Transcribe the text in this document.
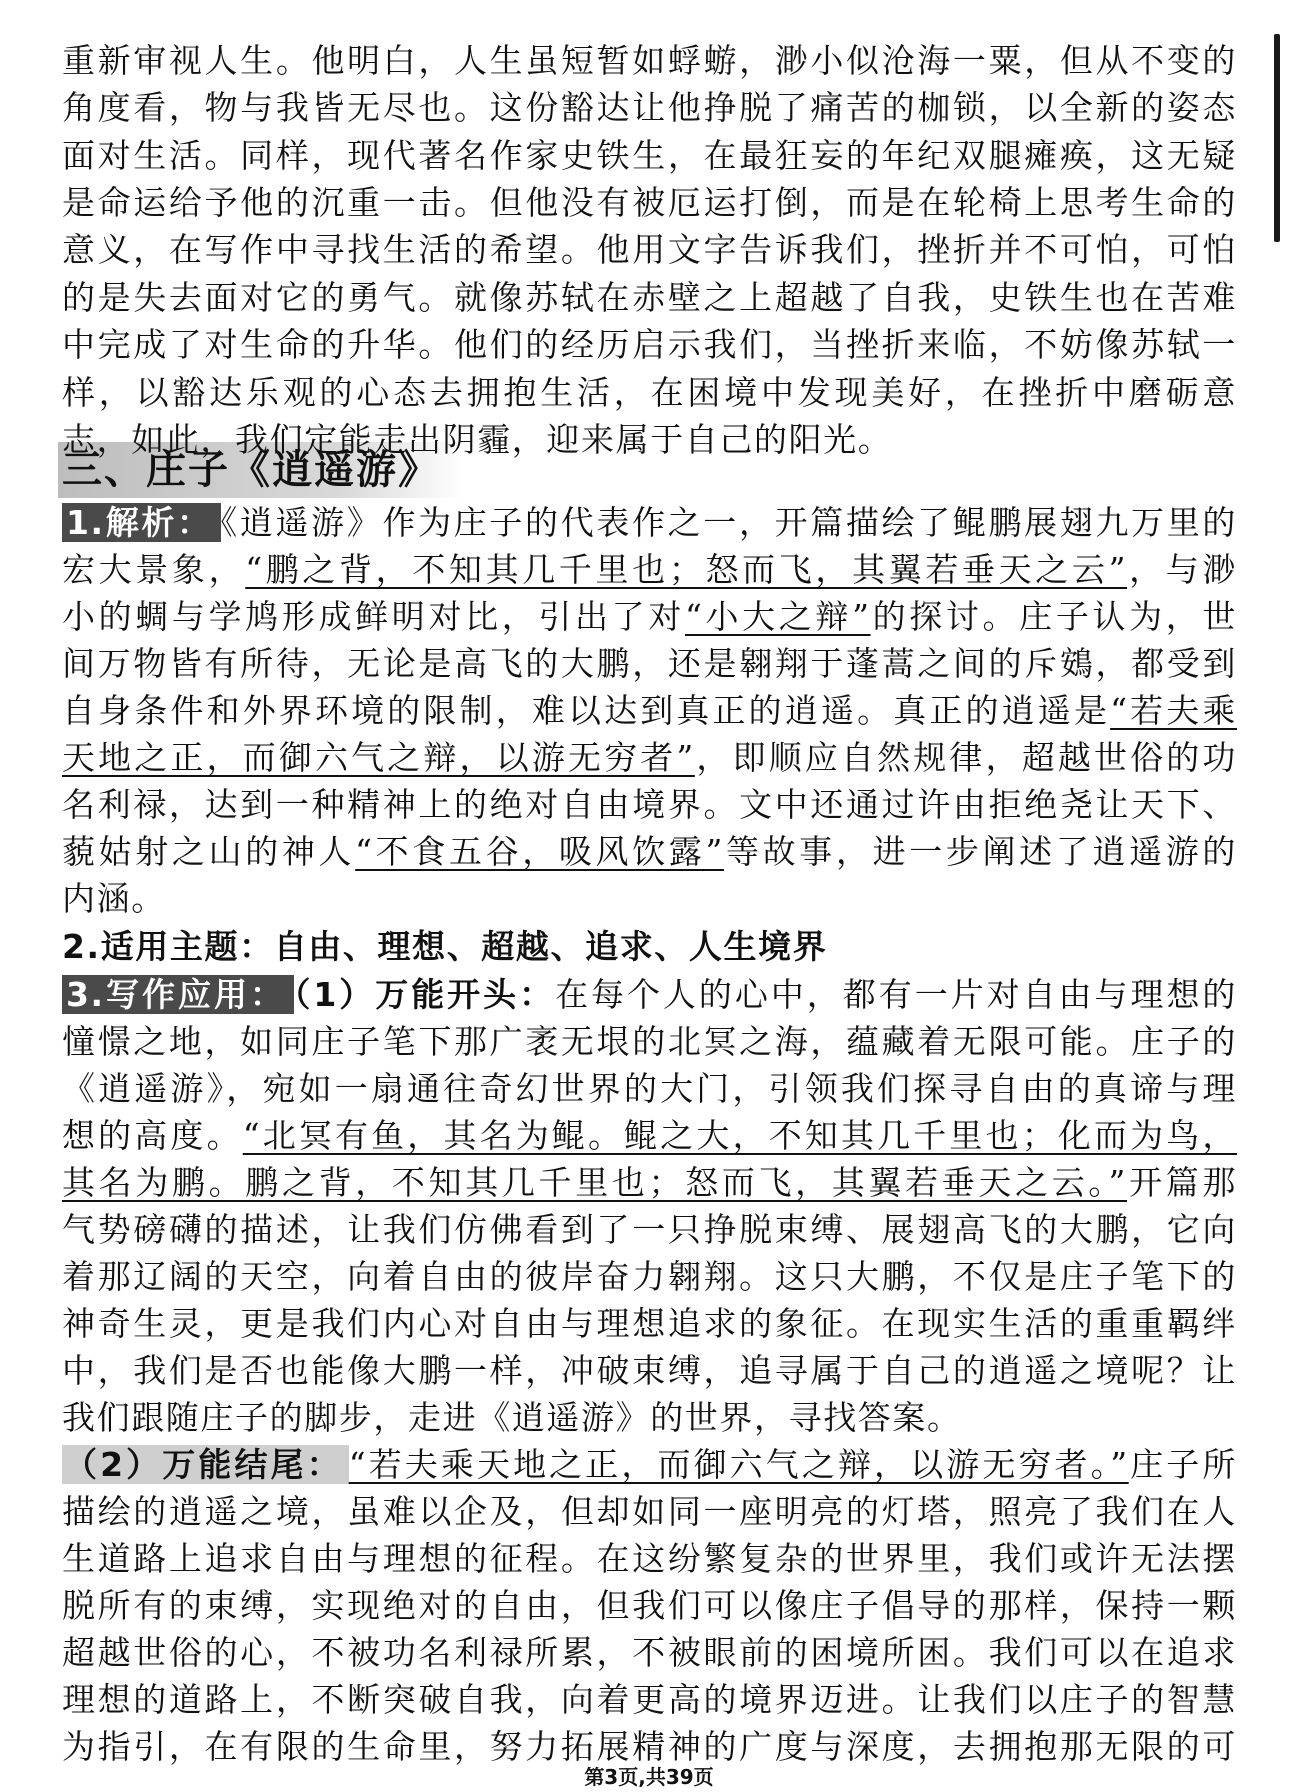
重新审视人生。他明白，人生虽短暂如蜉蝣，渺小似沧海一粟，但从不变的
角度看，物与我皆无尽也。这份豁达让他挣脱了痛苦的枷锁，以全新的姿态
面对生活。同样，现代著名作家史铁生，在最狂妄的年纪双腿瘫痪，这无疑
是命运给予他的沉重一击。但他没有被厄运打倒，而是在轮椅上思考生命的
意义，在写作中寻找生活的希望。他用文字告诉我们，挫折并不可怕，可怕
的是失去面对它的勇气。就像苏轼在赤壁之上超越了自我，史铁生也在苦难
中完成了对生命的升华。他们的经历启示我们，当挫折来临，不妨像苏轼一
样，以豁达乐观的心态去拥抱生活，在困境中发现美好，在挫折中磨砺意
三、庄子《逍遥游》
1.解析： 《逍遥游》作为庄子的代表作之一，开篇描绘了鲲鹏展翅九万里的
宏大景象，“鹏之背，不知其几千里也；怒而飞，其翼若垂天之云”，与渺
小的蜩与学鸠形成鲜明对比，引出了对“小大之辩”的探讨。庄子认为，世
间万物皆有所待，无论是高飞的大鹏，还是翱翔于蓬蒿之间的斥鴳，都受到
自身条件和外界环境的限制，难以达到真正的逍遥。真正的逍遥是“若夫乘
天地之正，而御六气之辩，以游无穷者”，即顺应自然规律，超越世俗的功
名利禄，达到一种精神上的绝对自由境界。文中还通过许由拒绝尧让天下、
藐姑射之山的神人“不食五谷，吸风饮露”等故事，进一步阐述了逍遥游的
内涵。
2.适用主题：自由、理想、超越、追求、人生境界
3.写作应用： （1）万能开头：在每个人的心中，都有一片对自由与理想的
憧憬之地，如同庄子笔下那广袤无垠的北冥之海，蕴藏着无限可能。庄子的
《逍遥游》，宛如一扇通往奇幻世界的大门，引领我们探寻自由的真谛与理
想的高度。“北冥有鱼，其名为鲲。鲲之大，不知其几千里也；化而为鸟，
其名为鹏。鹏之背，不知其几千里也；怒而飞，其翼若垂天之云。”开篇那
气势磅礴的描述，让我们仿佛看到了一只挣脱束缚、展翅高飞的大鹏，它向
着那辽阔的天空，向着自由的彼岸奋力翱翔。这只大鹏，不仅是庄子笔下的
神奇生灵，更是我们内心对自由与理想追求的象征。在现实生活的重重羁绊
中，我们是否也能像大鹏一样，冲破束缚，追寻属于自己的逍遥之境呢？让
我们跟随庄子的脚步，走进《逍遥游》的世界，寻找答案。
（2）万能结尾： “若夫乘天地之正，而御六气之辩，以游无穷者。”庄子所
描绘的逍遥之境，虽难以企及，但却如同一座明亮的灯塔，照亮了我们在人
生道路上追求自由与理想的征程。在这纷繁复杂的世界里，我们或许无法摆
脱所有的束缚，实现绝对的自由，但我们可以像庄子倡导的那样，保持一颗
超越世俗的心，不被功名利禄所累，不被眼前的困境所困。我们可以在追求
理想的道路上，不断突破自我，向着更高的境界迈进。让我们以庄子的智慧
为指引，在有限的生命里，努力拓展精神的广度与深度，去拥抱那无限的可
第3页,共39页
志，如此，我们定能走出阴霾，迎来属于自己的阳光。
